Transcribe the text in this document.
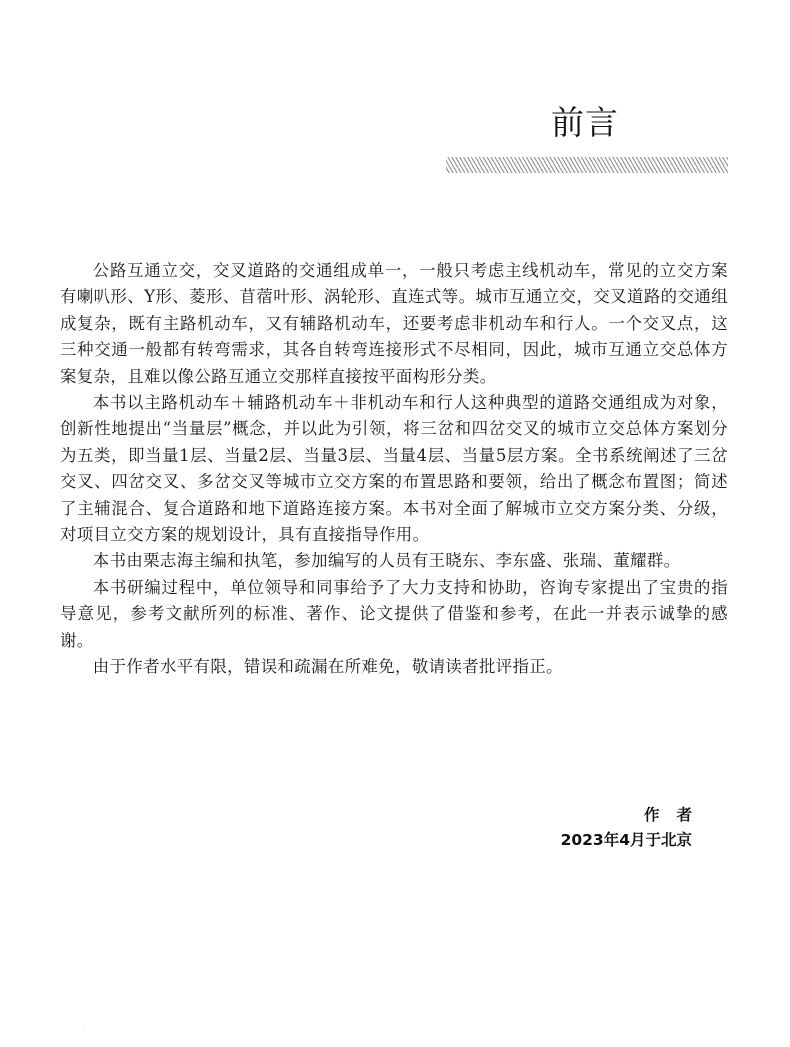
前言

公路互通立交，交叉道路的交通组成单一，一般只考虑主线机动车，常见的立交方案有喇叭形、Y形、菱形、苜蓿叶形、涡轮形、直连式等。城市互通立交，交叉道路的交通组成复杂，既有主路机动车，又有辅路机动车，还要考虑非机动车和行人。一个交叉点，这三种交通一般都有转弯需求，其各自转弯连接形式不尽相同，因此，城市互通立交总体方案复杂，且难以像公路互通立交那样直接按平面构形分类。

本书以主路机动车＋辅路机动车＋非机动车和行人这种典型的道路交通组成为对象，创新性地提出“当量层”概念，并以此为引领，将三岔和四岔交叉的城市立交总体方案划分为五类，即当量1层、当量2层、当量3层、当量4层、当量5层方案。全书系统阐述了三岔交叉、四岔交叉、多岔交叉等城市立交方案的布置思路和要领，给出了概念布置图；简述了主辅混合、复合道路和地下道路连接方案。本书对全面了解城市立交方案分类、分级，对项目立交方案的规划设计，具有直接指导作用。

本书由栗志海主编和执笔，参加编写的人员有王晓东、李东盛、张瑞、董耀群。

本书研编过程中，单位领导和同事给予了大力支持和协助，咨询专家提出了宝贵的指导意见，参考文献所列的标准、著作、论文提供了借鉴和参考，在此一并表示诚挚的感谢。

由于作者水平有限，错误和疏漏在所难免，敬请读者批评指正。

作者
2023年4月于北京
·
